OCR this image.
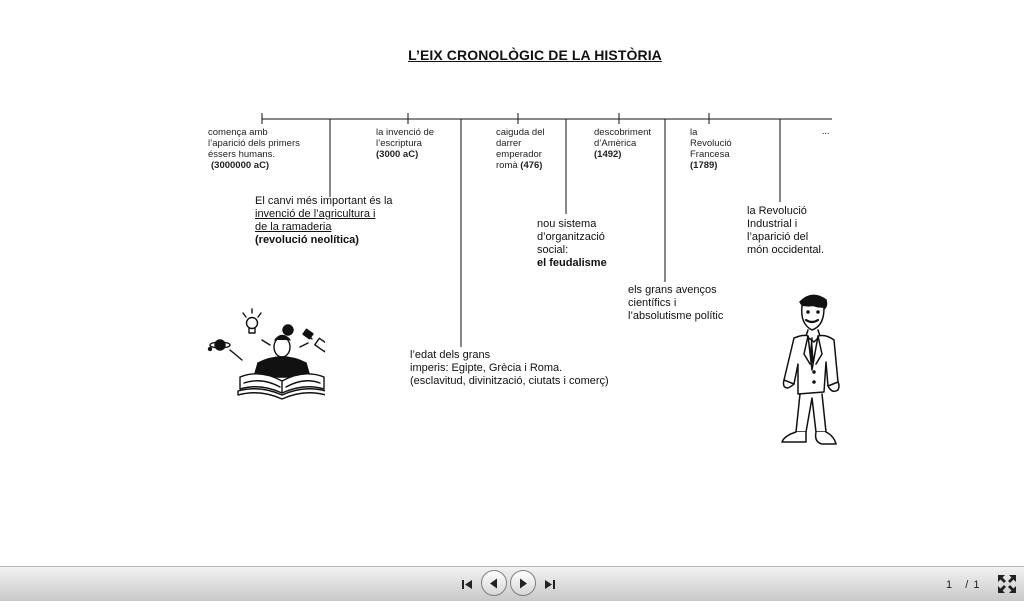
L’EIX CRONOLÒGIC DE LA HISTÒRIA
comença amb
l’aparició dels primers
éssers humans.
(3000000 aC)
la invenció de
l’escriptura
(3000 aC)
caiguda del
darrer
emperador
romà (476)
descobriment
d’Amèrica
(1492)
la
Revolució
Francesa
(1789)
...
El canvi més important és la
invenció de l’agricultura i
de la ramaderia
(revolució neolítica)
nou sistema
d’organització
social:
el feudalisme
els grans avenços
científics i
l’absolutisme polític
la Revolució
Industrial i
l’aparició del
món occidental.
l’edat dels grans
imperis: Egipte, Grècia i Roma.
(esclavitud, divinització, ciutats i comerç)
1 / 1
